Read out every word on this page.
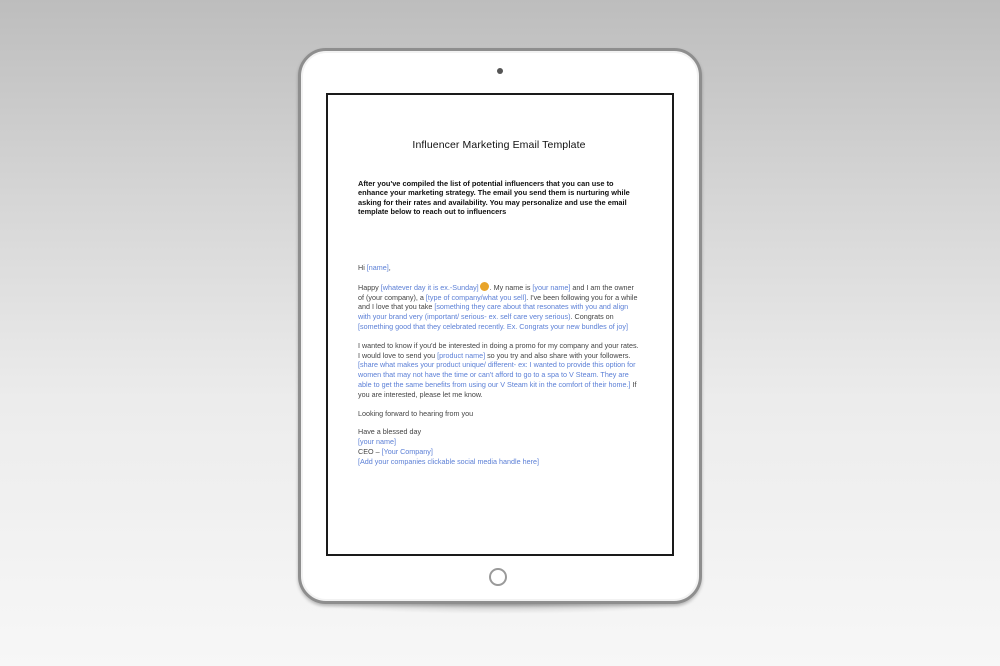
Influencer Marketing Email Template
After you've compiled the list of potential influencers that you can use to enhance your marketing strategy. The email you send them is nurturing while asking for their rates and availability. You may personalize and use the email template below to reach out to influencers

Hi [name],

Happy [whatever day it is ex.-Sunday] . My name is [your name] and I am the owner of (your company), a [type of company/what you sell]. I've been following you for a while and I love that you take [something they care about that resonates with you and align with your brand very (important/ serious- ex. self care very serious). Congrats on [something good that they celebrated recently. Ex. Congrats your new bundles of joy]

I wanted to know if you'd be interested in doing a promo for my company and your rates. I would love to send you [product name] so you try and also share with your followers. [share what makes your product unique/ different- ex: I wanted to provide this option for women that may not have the time or can't afford to go to a spa to V Steam. They are able to get the same benefits from using our V Steam kit in the comfort of their home.] If you are interested, please let me know.

Looking forward to hearing from you

Have a blessed day
[your name]
CEO – [Your Company]
[Add your companies clickable social media handle here]
